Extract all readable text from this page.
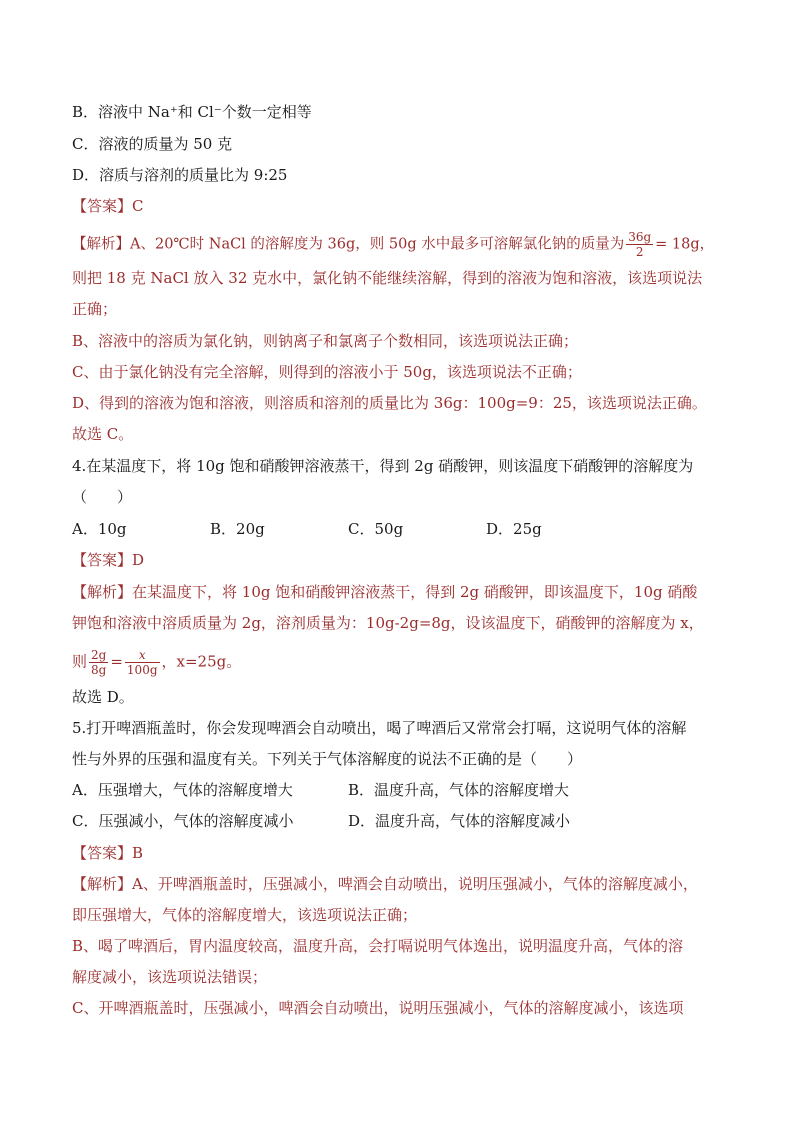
B．溶液中 Na⁺和 Cl⁻个数一定相等
C．溶液的质量为 50 克
D．溶质与溶剂的质量比为 9:25
【答案】C
【解析】A、20℃时 NaCl 的溶解度为 36g，则 50g 水中最多可溶解氯化钠的质量为 $\frac{36g}{2} = 18g$，
则把 18 克 NaCl 放入 32 克水中，氯化钠不能继续溶解，得到的溶液为饱和溶液，该选项说法
正确；
B、溶液中的溶质为氯化钠，则钠离子和氯离子个数相同，该选项说法正确；
C、由于氯化钠没有完全溶解，则得到的溶液小于 50g，该选项说法不正确；
D、得到的溶液为饱和溶液，则溶质和溶剂的质量比为 36g：100g=9：25，该选项说法正确。
故选 C。
4.在某温度下，将 10g 饱和硝酸钾溶液蒸干，得到 2g 硝酸钾，则该温度下硝酸钾的溶解度为
（　　）
A．10g	B．20g	C．50g	D．25g
【答案】D
【解析】在某温度下，将 10g 饱和硝酸钾溶液蒸干，得到 2g 硝酸钾，即该温度下，10g 硝酸
钾饱和溶液中溶质质量为 2g，溶剂质量为：10g-2g=8g，设该温度下，硝酸钾的溶解度为 x，
则 $\frac{2g}{8g} = \frac{x}{100g}$ ，x=25g。
故选 D。
5.打开啤酒瓶盖时，你会发现啤酒会自动喷出，喝了啤酒后又常常会打嗝，这说明气体的溶解
性与外界的压强和温度有关。下列关于气体溶解度的说法不正确的是（　　）
A．压强增大，气体的溶解度增大	B．温度升高，气体的溶解度增大
C．压强减小，气体的溶解度减小	D．温度升高，气体的溶解度减小
【答案】B
【解析】A、开啤酒瓶盖时，压强减小，啤酒会自动喷出，说明压强减小，气体的溶解度减小，
即压强增大，气体的溶解度增大，该选项说法正确；
B、喝了啤酒后，胃内温度较高，温度升高，会打嗝说明气体逸出，说明温度升高，气体的溶
解度减小，该选项说法错误；
C、开啤酒瓶盖时，压强减小，啤酒会自动喷出，说明压强减小，气体的溶解度减小，该选项
